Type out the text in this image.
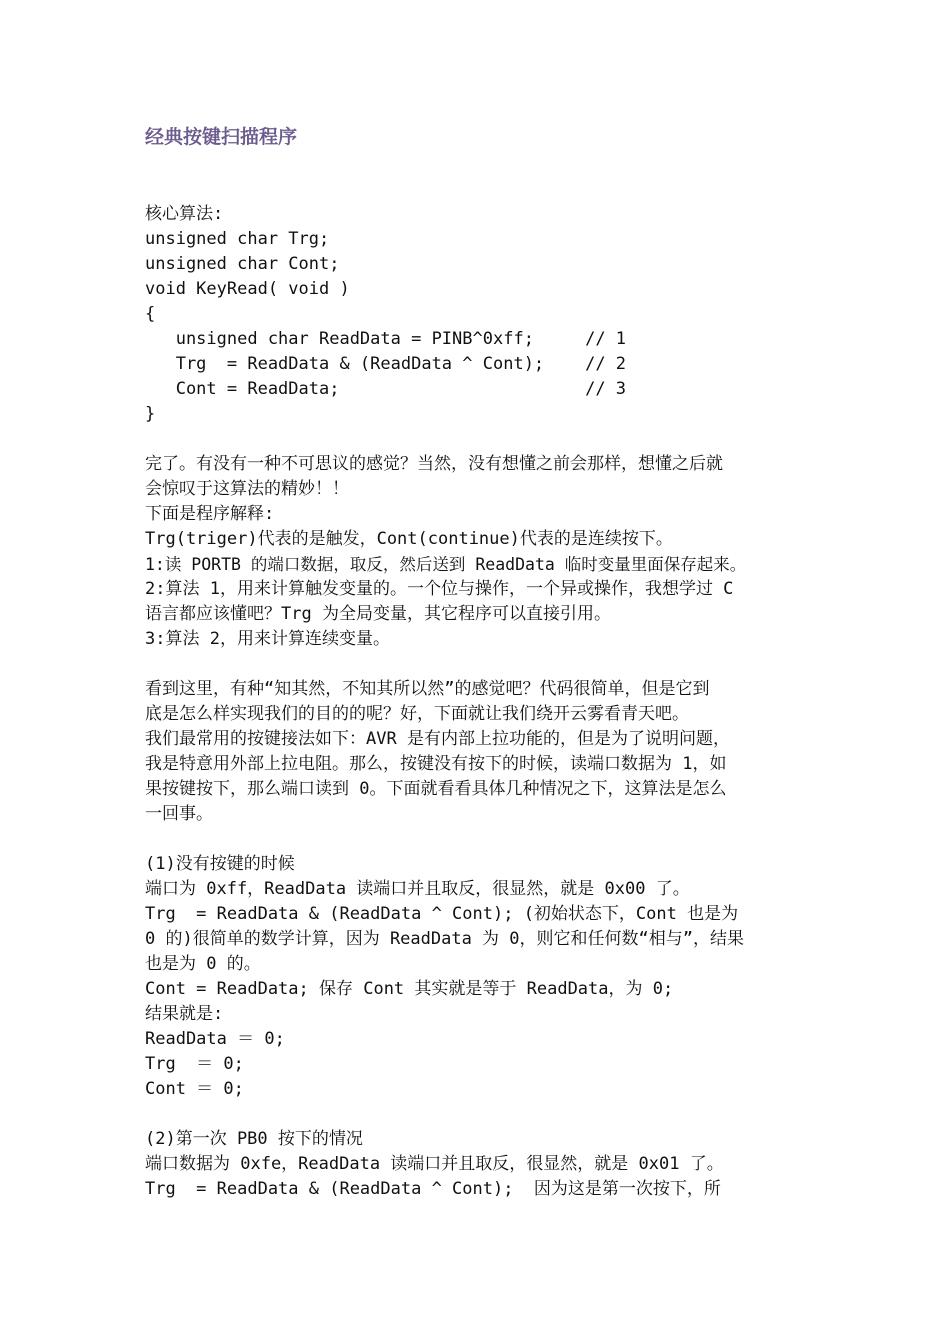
经典按键扫描程序
核心算法:
unsigned char Trg;
unsigned char Cont;
void KeyRead( void )
{
unsigned char ReadData = PINB^0xff;     // 1
Trg  = ReadData & (ReadData ^ Cont);    // 2
Cont = ReadData;                        // 3
}
完了。有没有一种不可思议的感觉？当然，没有想懂之前会那样，想懂之后就
会惊叹于这算法的精妙！！
下面是程序解释:
Trg(triger)代表的是触发，Cont(continue)代表的是连续按下。
1:读 PORTB 的端口数据，取反，然后送到 ReadData 临时变量里面保存起来。
2:算法 1，用来计算触发变量的。一个位与操作，一个异或操作，我想学过 C
语言都应该懂吧？Trg 为全局变量，其它程序可以直接引用。
3:算法 2，用来计算连续变量。
看到这里，有种“知其然，不知其所以然”的感觉吧？代码很简单，但是它到
底是怎么样实现我们的目的的呢？好，下面就让我们绕开云雾看青天吧。
我们最常用的按键接法如下：AVR 是有内部上拉功能的，但是为了说明问题，
我是特意用外部上拉电阻。那么，按键没有按下的时候，读端口数据为 1，如
果按键按下，那么端口读到 0。下面就看看具体几种情况之下，这算法是怎么
一回事。
(1)没有按键的时候
端口为 0xff，ReadData 读端口并且取反，很显然，就是 0x00 了。
Trg  = ReadData & (ReadData ^ Cont); (初始状态下，Cont 也是为
0 的)很简单的数学计算，因为 ReadData 为 0，则它和任何数“相与”，结果
也是为 0 的。
Cont = ReadData; 保存 Cont 其实就是等于 ReadData，为 0;
结果就是:
ReadData ＝ 0;
Trg  ＝ 0;
Cont ＝ 0;
(2)第一次 PB0 按下的情况
端口数据为 0xfe，ReadData 读端口并且取反，很显然，就是 0x01 了。
Trg  = ReadData & (ReadData ^ Cont);  因为这是第一次按下，所
